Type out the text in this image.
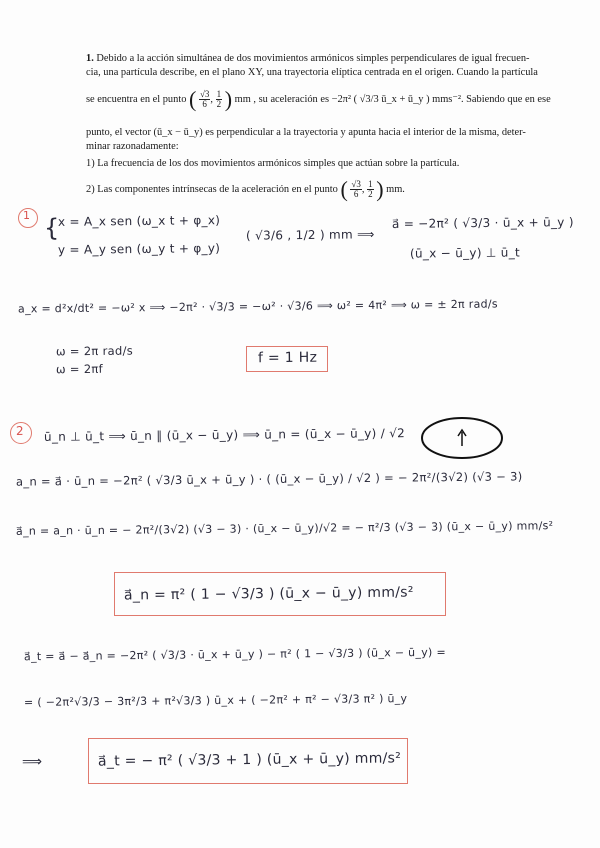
1. Debido a la acción simultánea de dos movimientos armónicos simples perpendiculares de igual frecuen-
cia, una partícula describe, en el plano XY, una trayectoria elíptica centrada en el origen. Cuando la partícula
se encuentra en el punto ( $\frac{√3}{6}$ , $\frac{1}{2}$ ) mm , su aceleración es −2π² ( √3/3 ū_x + ū_y ) mms⁻². Sabiendo que en ese
punto, el vector (ū_x − ū_y) es perpendicular a la trayectoria y apunta hacia el interior de la misma, deter-
minar razonadamente:
1) La frecuencia de los dos movimientos armónicos simples que actúan sobre la partícula.
2) Las componentes intrínsecas de la aceleración en el punto ( $\frac{√3}{6}$ , $\frac{1}{2}$ ) mm.
1 {
x = A_x sen (ω_x t + φ_x)
y = A_y sen (ω_y t + φ_y)
( √3/6 , 1/2 ) mm ⟹
a⃗ = −2π² ( √3/3 · ū_x + ū_y )
(ū_x − ū_y) ⊥ ū_t
a_x = d²x/dt² = −ω² x ⟹ −2π² · √3/3 = −ω² · √3/6 ⟹ ω² = 4π² ⟹ ω = ± 2π rad/s
ω = 2π rad/s
ω = 2πf
f = 1 Hz
2 ū_n ⊥ ū_t ⟹ ū_n ∥ (ū_x − ū_y) ⟹ ū_n = (ū_x − ū_y) / √2
a_n = a⃗ · ū_n = −2π² ( √3/3 ū_x + ū_y ) · ( (ū_x − ū_y) / √2 ) = − 2π²/(3√2) (√3 − 3)
a⃗_n = a_n · ū_n = − 2π²/(3√2) (√3 − 3) · (ū_x − ū_y)/√2 = − π²/3 (√3 − 3) (ū_x − ū_y) mm/s²
a⃗_n = π² ( 1 − √3/3 ) (ū_x − ū_y) mm/s²
a⃗_t = a⃗ − a⃗_n = −2π² ( √3/3 · ū_x + ū_y ) − π² ( 1 − √3/3 ) (ū_x − ū_y) =
= ( −2π²√3/3 − 3π²/3 + π²√3/3 ) ū_x + ( −2π² + π² − √3/3 π² ) ū_y
⟹	a⃗_t = − π² ( √3/3 + 1 ) (ū_x + ū_y) mm/s²
